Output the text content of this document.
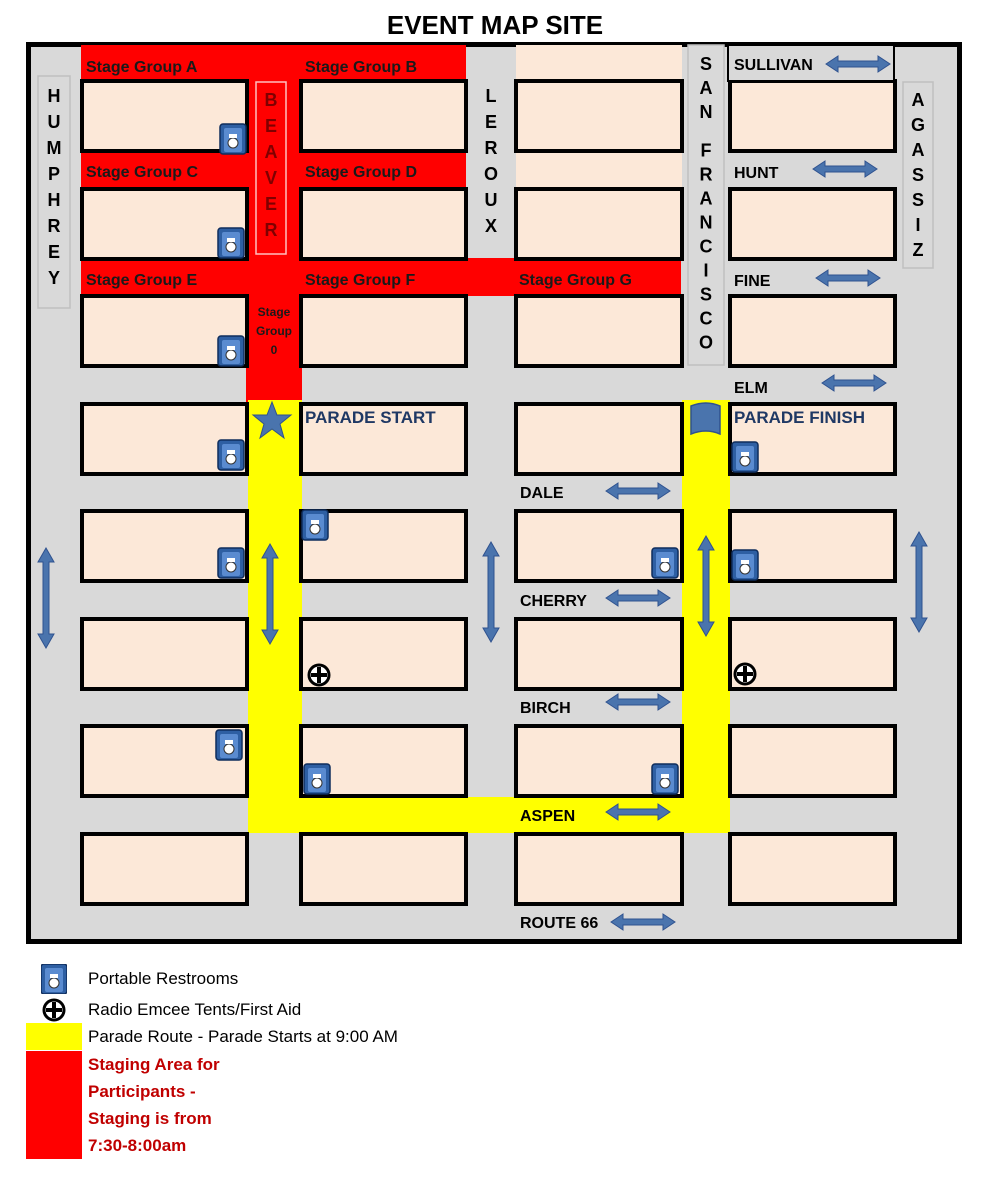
EVENT MAP SITE
H U M P H R E Y
B E A V E R
L E R O U X
S A N F R A N C I S C O
A G A S S I Z
Stage Group A	Stage Group B
Stage Group C	Stage Group D
Stage Group E	Stage Group F	Stage Group G
Stage
Group
0
SULLIVAN
HUNT
FINE
ELM
DALE
CHERRY
BIRCH
ASPEN
ROUTE 66
PARADE START	PARADE FINISH
Portable Restrooms
Radio Emcee Tents/First Aid
Parade Route - Parade Starts at 9:00 AM
Staging Area for
Participants -
Staging is from
7:30-8:00am
